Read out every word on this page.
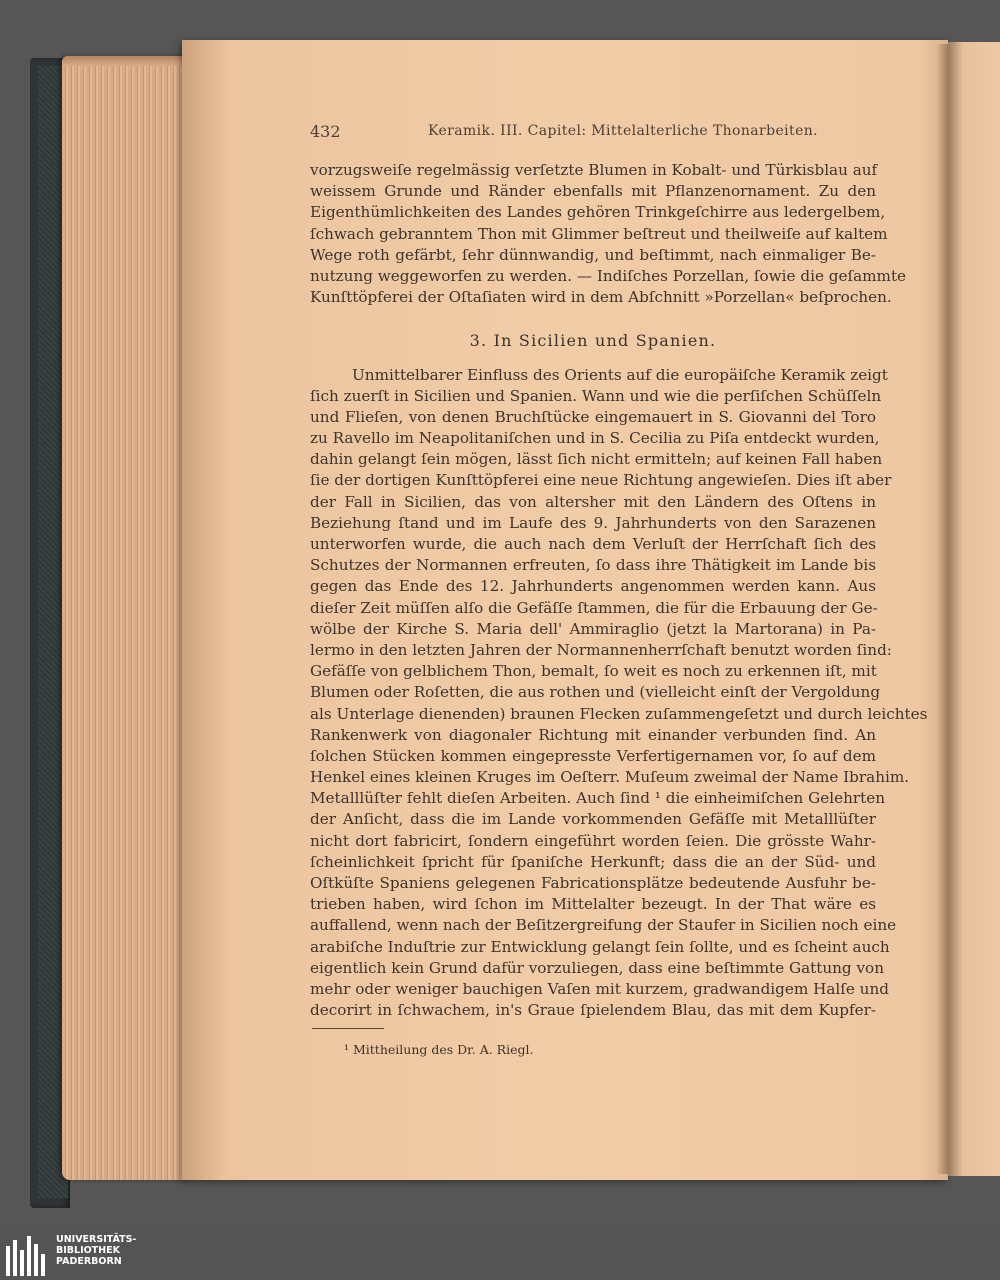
432	Keramik. III. Capitel: Mittelalterliche Thonarbeiten.
vorzugsweiſe regelmässig verſetzte Blumen in Kobalt- und Türkisblau auf
weissem Grunde und Ränder ebenfalls mit Pflanzenornament. Zu den
Eigenthümlichkeiten des Landes gehören Trinkgeſchirre aus ledergelbem,
ſchwach gebranntem Thon mit Glimmer beſtreut und theilweiſe auf kaltem
Wege roth gefärbt, ſehr dünnwandig, und beſtimmt, nach einmaliger Be-
nutzung weggeworfen zu werden. — Indiſches Porzellan, ſowie die geſammte
Kunſttöpferei der Oſtaſiaten wird in dem Abſchnitt »Porzellan« beſprochen.
3. In Sicilien und Spanien.
Unmittelbarer Einfluss des Orients auf die europäiſche Keramik zeigt
ſich zuerſt in Sicilien und Spanien. Wann und wie die perſiſchen Schüſſeln
und Flieſen, von denen Bruchſtücke eingemauert in S. Giovanni del Toro
zu Ravello im Neapolitaniſchen und in S. Cecilia zu Piſa entdeckt wurden,
dahin gelangt ſein mögen, lässt ſich nicht ermitteln; auf keinen Fall haben
ſie der dortigen Kunſttöpferei eine neue Richtung angewieſen. Dies iſt aber
der Fall in Sicilien, das von altersher mit den Ländern des Oſtens in
Beziehung ſtand und im Laufe des 9. Jahrhunderts von den Sarazenen
unterworfen wurde, die auch nach dem Verluſt der Herrſchaft ſich des
Schutzes der Normannen erfreuten, ſo dass ihre Thätigkeit im Lande bis
gegen das Ende des 12. Jahrhunderts angenommen werden kann. Aus
dieſer Zeit müſſen alſo die Gefäſſe ſtammen, die für die Erbauung der Ge-
wölbe der Kirche S. Maria dell' Ammiraglio (jetzt la Martorana) in Pa-
lermo in den letzten Jahren der Normannenherrſchaft benutzt worden ſind:
Gefäſſe von gelblichem Thon, bemalt, ſo weit es noch zu erkennen iſt, mit
Blumen oder Roſetten, die aus rothen und (vielleicht einſt der Vergoldung
als Unterlage dienenden) braunen Flecken zuſammengeſetzt und durch leichtes
Rankenwerk von diagonaler Richtung mit einander verbunden ſind. An
ſolchen Stücken kommen eingepresste Verfertigernamen vor, ſo auf dem
Henkel eines kleinen Kruges im Oeſterr. Muſeum zweimal der Name Ibrahim.
Metalllüſter fehlt dieſen Arbeiten. Auch ſind ¹ die einheimiſchen Gelehrten
der Anſicht, dass die im Lande vorkommenden Gefäſſe mit Metalllüſter
nicht dort fabricirt, ſondern eingeführt worden ſeien. Die grösste Wahr-
ſcheinlichkeit ſpricht für ſpaniſche Herkunft; dass die an der Süd- und
Oſtküſte Spaniens gelegenen Fabricationsplätze bedeutende Ausfuhr be-
trieben haben, wird ſchon im Mittelalter bezeugt. In der That wäre es
auffallend, wenn nach der Beſitzergreifung der Staufer in Sicilien noch eine
arabiſche Induſtrie zur Entwicklung gelangt ſein ſollte, und es ſcheint auch
eigentlich kein Grund dafür vorzuliegen, dass eine beſtimmte Gattung von
mehr oder weniger bauchigen Vaſen mit kurzem, gradwandigem Halſe und
decorirt in ſchwachem, in's Graue ſpielendem Blau, das mit dem Kupfer-
¹ Mittheilung des Dr. A. Riegl.
UNIVERSITÄTS-
BIBLIOTHEK
PADERBORN
